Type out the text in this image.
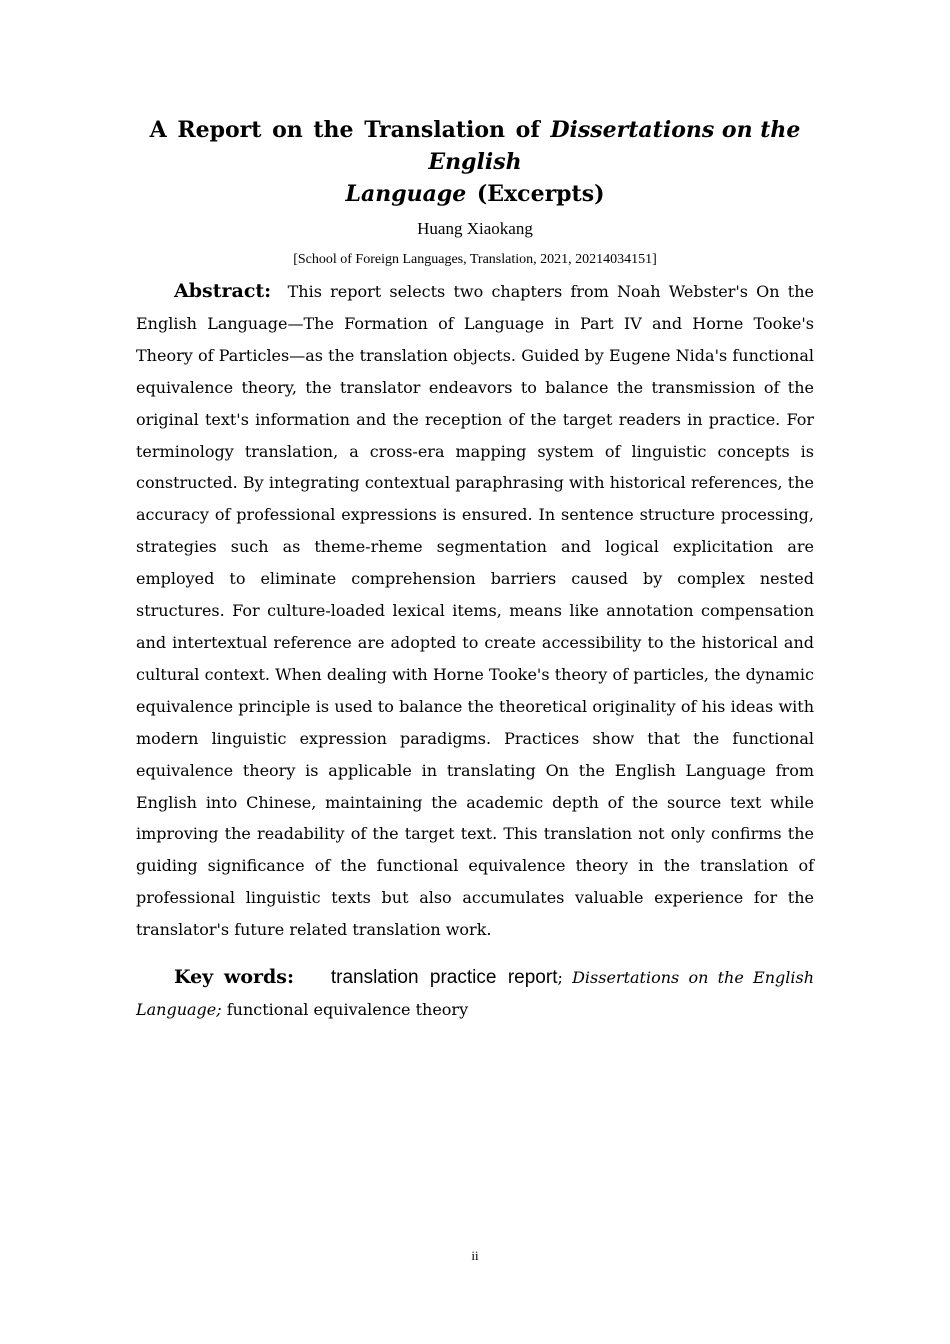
A Report on the Translation of Dissertations on the English
Language (Excerpts)
Huang Xiaokang
[School of Foreign Languages, Translation, 2021, 20214034151]

Abstract: This report selects two chapters from Noah Webster's On the English Language—The Formation of Language in Part IV and Horne Tooke's Theory of Particles—as the translation objects. Guided by Eugene Nida's functional equivalence theory, the translator endeavors to balance the transmission of the original text's information and the reception of the target readers in practice. For terminology translation, a cross-era mapping system of linguistic concepts is constructed. By integrating contextual paraphrasing with historical references, the accuracy of professional expressions is ensured. In sentence structure processing, strategies such as theme-rheme segmentation and logical explicitation are employed to eliminate comprehension barriers caused by complex nested structures. For culture-loaded lexical items, means like annotation compensation and intertextual reference are adopted to create accessibility to the historical and cultural context. When dealing with Horne Tooke's theory of particles, the dynamic equivalence principle is used to balance the theoretical originality of his ideas with modern linguistic expression paradigms. Practices show that the functional equivalence theory is applicable in translating On the English Language from English into Chinese, maintaining the academic depth of the source text while improving the readability of the target text. This translation not only confirms the guiding significance of the functional equivalence theory in the translation of professional linguistic texts but also accumulates valuable experience for the translator's future related translation work.

Key words: translation practice report; Dissertations on the English Language; functional equivalence theory

ii
